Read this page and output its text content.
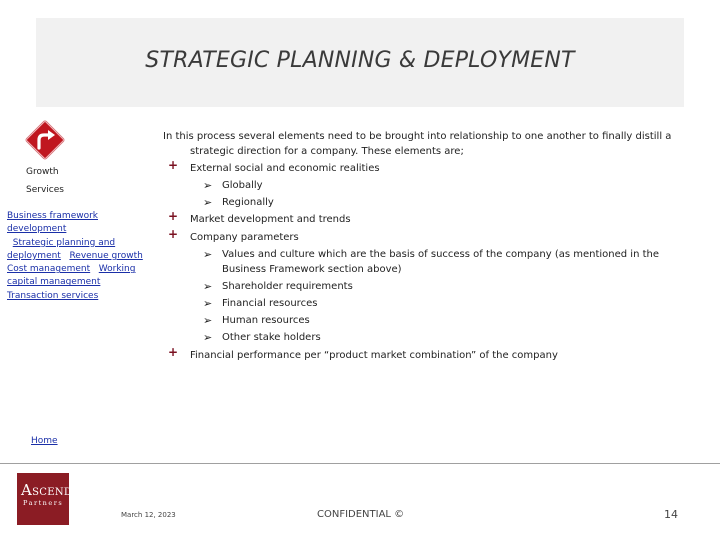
STRATEGIC PLANNING & DEPLOYMENT
Growth
Services
Business framework development
Strategic planning and deployment Revenue growth
Cost management Working capital management
Transaction services
In this process several elements need to be brought into relationship to one another to finally distill a
strategic direction for a company. These elements are;
+ External social and economic realities
➢ Globally
➢ Regionally
+ Market development and trends
+ Company parameters
➢ Values and culture which are the basis of success of the company (as mentioned in the
Business Framework section above)
➢ Shareholder requirements
➢ Financial resources
➢ Human resources
➢ Other stake holders
+ Financial performance per “product market combination” of the company
Home
ASCEND
Partners
March 12, 2023	CONFIDENTIAL ©	14
